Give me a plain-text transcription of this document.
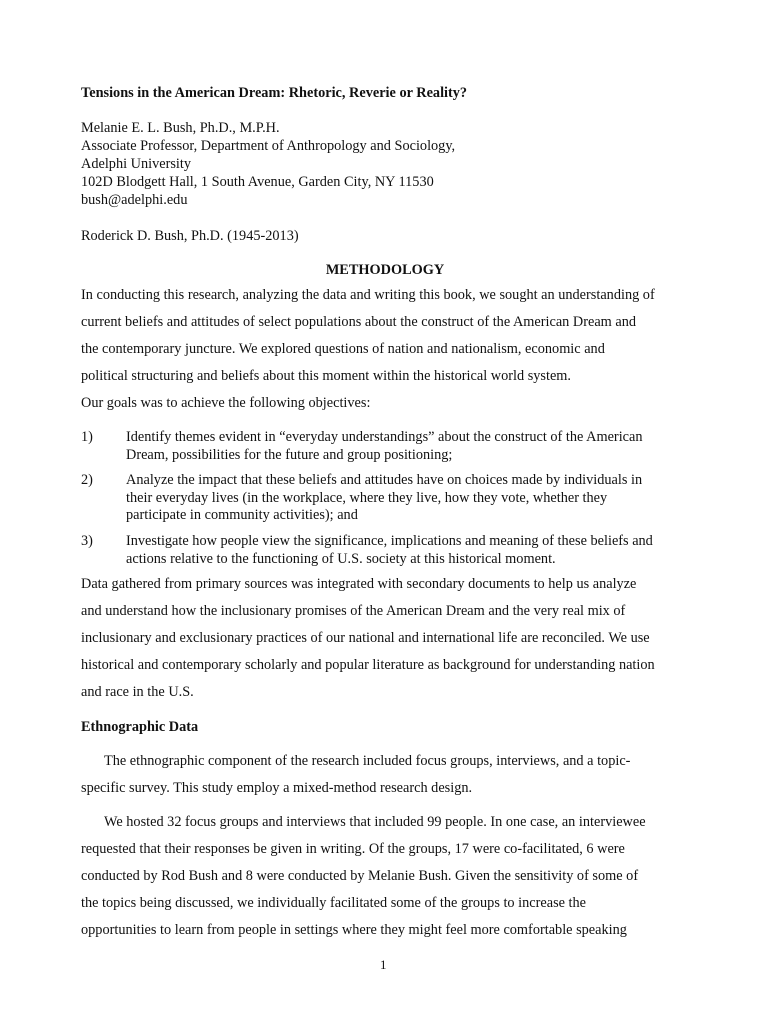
Tensions in the American Dream: Rhetoric, Reverie or Reality?
Melanie E. L. Bush, Ph.D., M.P.H.
Associate Professor, Department of Anthropology and Sociology,
Adelphi University
102D Blodgett Hall, 1 South Avenue, Garden City, NY 11530
bush@adelphi.edu
Roderick D. Bush, Ph.D. (1945-2013)
METHODOLOGY
In conducting this research, analyzing the data and writing this book, we sought an understanding of
current beliefs and attitudes of select populations about the construct of the American Dream and
the contemporary juncture. We explored questions of nation and nationalism, economic and
political structuring and beliefs about this moment within the historical world system.
Our goals was to achieve the following objectives:
1) Identify themes evident in “everyday understandings” about the construct of the American
Dream, possibilities for the future and group positioning;
2) Analyze the impact that these beliefs and attitudes have on choices made by individuals in
their everyday lives (in the workplace, where they live, how they vote, whether they
participate in community activities); and
3) Investigate how people view the significance, implications and meaning of these beliefs and
actions relative to the functioning of U.S. society at this historical moment.
Data gathered from primary sources was integrated with secondary documents to help us analyze
and understand how the inclusionary promises of the American Dream and the very real mix of
inclusionary and exclusionary practices of our national and international life are reconciled. We use
historical and contemporary scholarly and popular literature as background for understanding nation
and race in the U.S.
Ethnographic Data
The ethnographic component of the research included focus groups, interviews, and a topic-
specific survey. This study employ a mixed-method research design.
We hosted 32 focus groups and interviews that included 99 people. In one case, an interviewee
requested that their responses be given in writing. Of the groups, 17 were co-facilitated, 6 were
conducted by Rod Bush and 8 were conducted by Melanie Bush. Given the sensitivity of some of
the topics being discussed, we individually facilitated some of the groups to increase the
opportunities to learn from people in settings where they might feel more comfortable speaking
1
